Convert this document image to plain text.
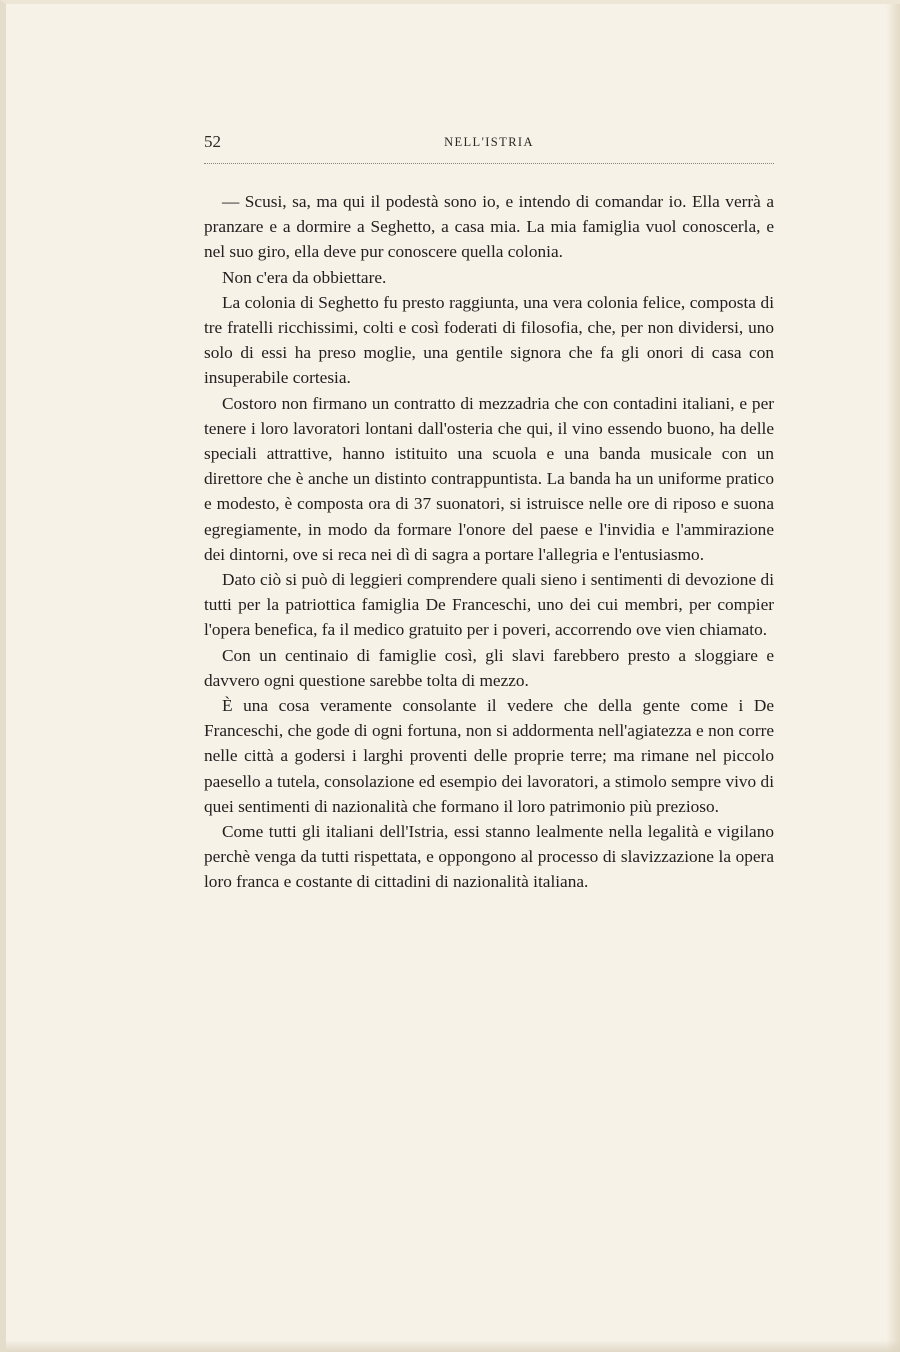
52	NELL'ISTRIA

— Scusi, sa, ma qui il podestà sono io, e intendo di comandar io. Ella verrà a pranzare e a dormire a Seghetto, a casa mia. La mia famiglia vuol conoscerla, e nel suo giro, ella deve pur conoscere quella colonia.

Non c'era da obbiettare.

La colonia di Seghetto fu presto raggiunta, una vera colonia felice, composta di tre fratelli ricchissimi, colti e così foderati di filosofia, che, per non dividersi, uno solo di essi ha preso moglie, una gentile signora che fa gli onori di casa con insuperabile cortesia.

Costoro non firmano un contratto di mezzadria che con contadini italiani, e per tenere i loro lavoratori lontani dall'osteria che qui, il vino essendo buono, ha delle speciali attrattive, hanno istituito una scuola e una banda musicale con un direttore che è anche un distinto contrappuntista. La banda ha un uniforme pratico e modesto, è composta ora di 37 suonatori, si istruisce nelle ore di riposo e suona egregiamente, in modo da formare l'onore del paese e l'invidia e l'ammirazione dei dintorni, ove si reca nei dì di sagra a portare l'allegria e l'entusiasmo.

Dato ciò si può di leggieri comprendere quali sieno i sentimenti di devozione di tutti per la patriottica famiglia De Franceschi, uno dei cui membri, per compier l'opera benefica, fa il medico gratuito per i poveri, accorrendo ove vien chiamato.

Con un centinaio di famiglie così, gli slavi farebbero presto a sloggiare e davvero ogni questione sarebbe tolta di mezzo.

È una cosa veramente consolante il vedere che della gente come i De Franceschi, che gode di ogni fortuna, non si addormenta nell'agiatezza e non corre nelle città a godersi i larghi proventi delle proprie terre; ma rimane nel piccolo paesello a tutela, consolazione ed esempio dei lavoratori, a stimolo sempre vivo di quei sentimenti di nazionalità che formano il loro patrimonio più prezioso.

Come tutti gli italiani dell'Istria, essi stanno lealmente nella legalità e vigilano perchè venga da tutti rispettata, e oppongono al processo di slavizzazione la opera loro franca e costante di cittadini di nazionalità italiana.
